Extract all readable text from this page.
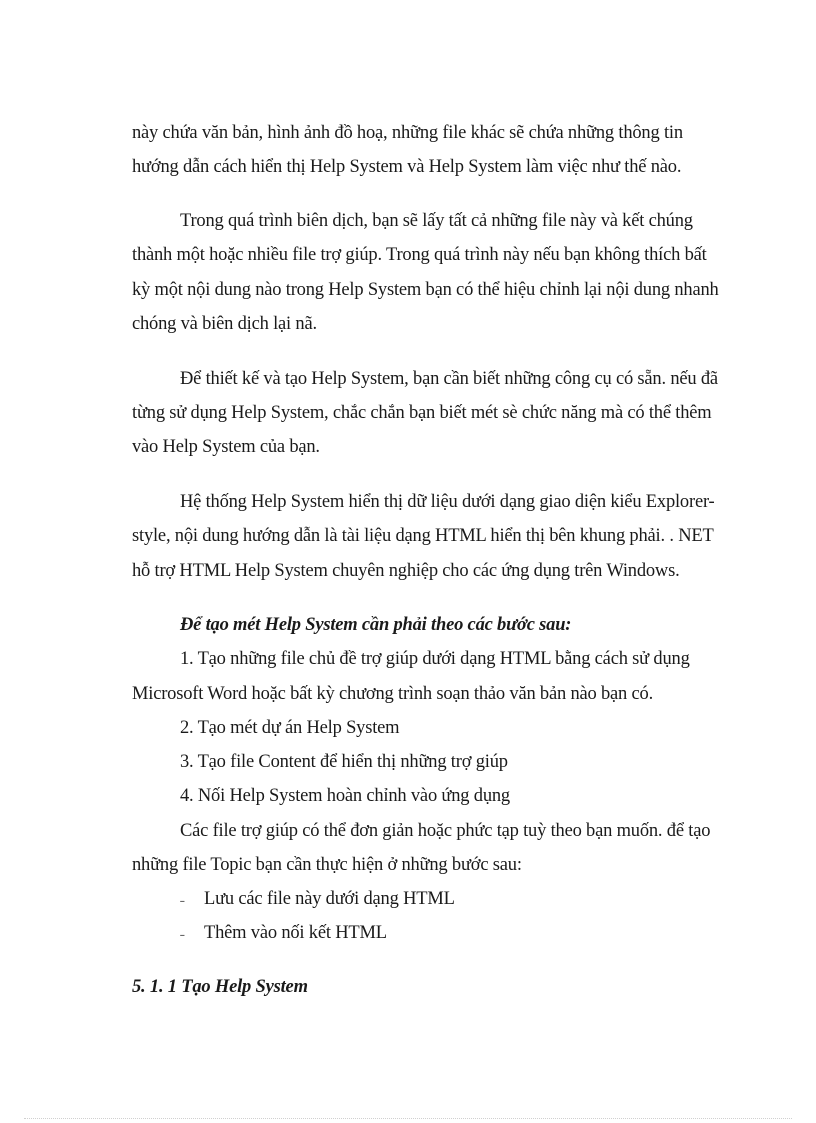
này chứa văn bản, hình ảnh đồ hoạ, những file khác sẽ chứa những thông tin
hướng dẫn cách hiển thị Help System và Help System làm việc như thế nào.
Trong quá trình biên dịch, bạn sẽ lấy tất cả những file này và kết chúng
thành một hoặc nhiều file trợ giúp. Trong quá trình này nếu bạn không thích bất
kỳ một nội dung nào trong Help System bạn có thể hiệu chỉnh lại nội dung nhanh
chóng và biên dịch lại nã.
Để thiết kế và tạo Help System, bạn cần biết những công cụ có sẵn. nếu đã
từng sử dụng Help System, chắc chắn bạn biết mét sè chức năng mà có thể thêm
vào Help System của bạn.
Hệ thống Help System hiển thị dữ liệu dưới dạng giao diện kiểu Explorer-
style, nội dung hướng dẫn là tài liệu dạng HTML hiển thị bên khung phải. . NET
hỗ trợ HTML Help System chuyên nghiệp cho các ứng dụng trên Windows.
Để tạo mét Help System cần phải theo các bước sau:
1. Tạo những file chủ đề trợ giúp dưới dạng HTML bằng cách sử dụng
Microsoft Word hoặc bất kỳ chương trình soạn thảo văn bản nào bạn có.
2. Tạo mét dự án Help System
3. Tạo file Content để hiển thị những trợ giúp
4. Nối Help System hoàn chỉnh vào ứng dụng
Các file trợ giúp có thể đơn giản hoặc phức tạp tuỳ theo bạn muốn. để tạo
những file Topic bạn cần thực hiện ở những bước sau:
˗ Lưu các file này dưới dạng HTML
˗ Thêm vào nối kết HTML
5. 1. 1 Tạo Help System
